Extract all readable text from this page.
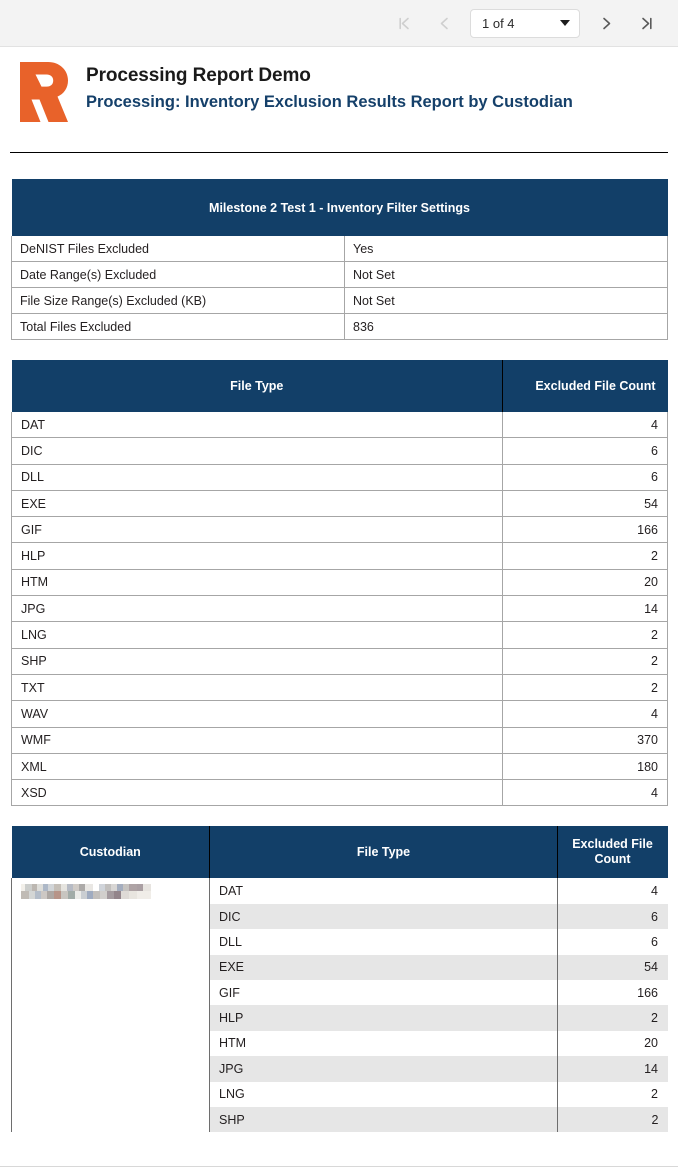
1 of 4
Processing Report Demo
Processing: Inventory Exclusion Results Report by Custodian
Milestone 2 Test 1 - Inventory Filter Settings	
DeNIST Files Excluded	Yes
Date Range(s) Excluded	Not Set
File Size Range(s) Excluded (KB)	Not Set
Total Files Excluded	836
File Type	Excluded File Count
DAT	4
DIC	6
DLL	6
EXE	54
GIF	166
HLP	2
HTM	20
JPG	14
LNG	2
SHP	2
TXT	2
WAV	4
WMF	370
XML	180
XSD	4
Custodian	File Type	Excluded File
Count

	DAT	4
	DIC	6
	DLL	6
	EXE	54
	GIF	166
	HLP	2
	HTM	20
	JPG	14
	LNG	2
	SHP	2
